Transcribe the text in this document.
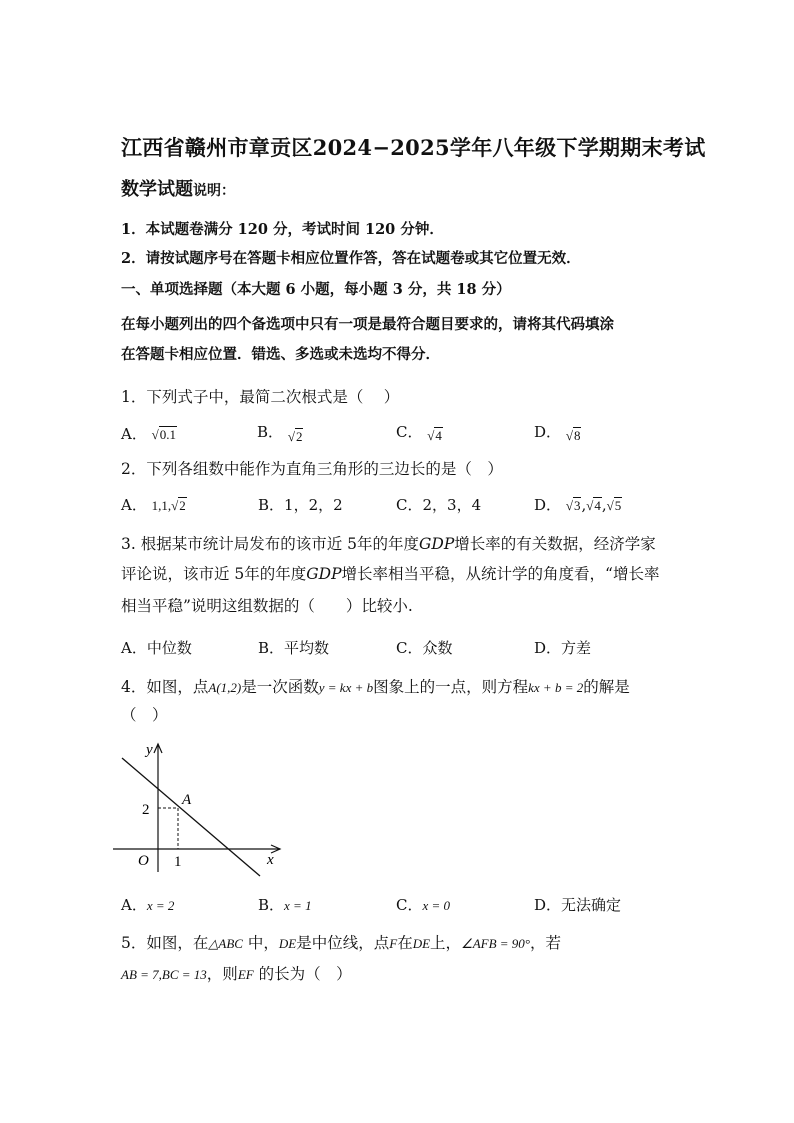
江西省赣州市章贡区2024−2025学年八年级下学期期末考试
数学试题说明：
1．本试题卷满分 120 分，考试时间 120 分钟．
2．请按试题序号在答题卡相应位置作答，答在试题卷或其它位置无效．
一、单项选择题（本大题 6 小题，每小题 3 分，共 18 分）
在每小题列出的四个备选项中只有一项是最符合题目要求的，请将其代码填涂
在答题卡相应位置．错选、多选或未选均不得分．
1．下列式子中，最简二次根式是（　 ）
A． √0.1	B． √2	C． √4	D． √8
2．下列各组数中能作为直角三角形的三边长的是（　）
A． 1,1,√2	B．1，2，2	C．2，3，4	D． √3,√4,√5
3. 根据某市统计局发布的该市近 5年的年度GDP增长率的有关数据，经济学家
评论说，该市近 5年的年度GDP增长率相当平稳，从统计学的角度看，“增长率
相当平稳”说明这组数据的（　　）比较小.
A．中位数	B．平均数	C．众数	D．方差
4．如图，点A(1,2)是一次函数y = kx + b图象上的一点，则方程kx + b = 2的解是
（　）
y
x
O
A
2
1
A．x = 2	B．x = 1	C．x = 0	D．无法确定
5．如图，在△ABC 中，DE是中位线，点F在DE上，∠AFB = 90°，若
AB = 7,BC = 13，则EF 的长为（　）
